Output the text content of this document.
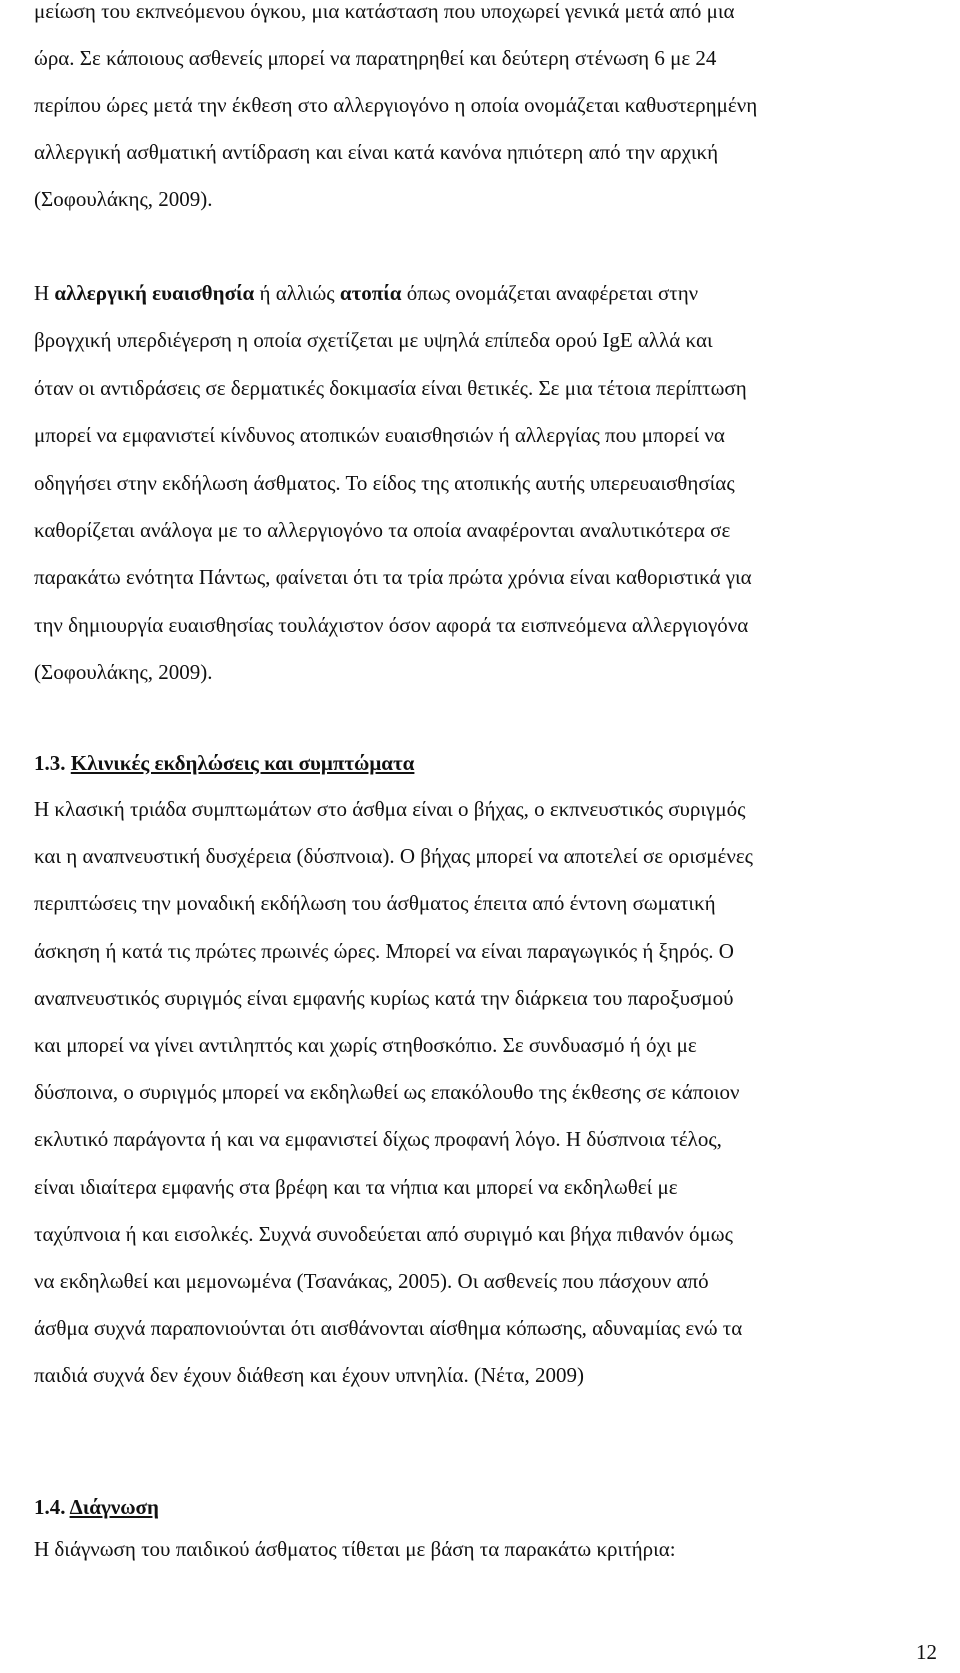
μείωση του εκπνεόμενου όγκου, μια κατάσταση που υποχωρεί γενικά μετά από μια
ώρα. Σε κάποιους ασθενείς μπορεί να παρατηρηθεί και δεύτερη στένωση 6 με 24
περίπου ώρες μετά την έκθεση στο αλλεργιογόνο η οποία ονομάζεται καθυστερημένη
αλλεργική ασθματική αντίδραση και είναι κατά κανόνα ηπιότερη από την αρχική
(Σοφουλάκης, 2009).

Η αλλεργική ευαισθησία ή αλλιώς ατοπία όπως ονομάζεται αναφέρεται στην
βρογχική υπερδιέγερση η οποία σχετίζεται με υψηλά επίπεδα ορού IgE αλλά και
όταν οι αντιδράσεις σε δερματικές δοκιμασία είναι θετικές. Σε μια τέτοια περίπτωση
μπορεί να εμφανιστεί κίνδυνος ατοπικών ευαισθησιών ή αλλεργίας που μπορεί να
οδηγήσει στην εκδήλωση άσθματος. Το είδος της ατοπικής αυτής υπερευαισθησίας
καθορίζεται ανάλογα με το αλλεργιογόνο τα οποία αναφέρονται αναλυτικότερα σε
παρακάτω ενότητα Πάντως, φαίνεται ότι τα τρία πρώτα χρόνια είναι καθοριστικά για
την δημιουργία ευαισθησίας τουλάχιστον όσον αφορά τα εισπνεόμενα αλλεργιογόνα
(Σοφουλάκης, 2009).

1.3. Κλινικές εκδηλώσεις και συμπτώματα

Η κλασική τριάδα συμπτωμάτων στο άσθμα είναι ο βήχας, ο εκπνευστικός συριγμός
και η αναπνευστική δυσχέρεια (δύσπνοια). Ο βήχας μπορεί να αποτελεί σε ορισμένες
περιπτώσεις την μοναδική εκδήλωση του άσθματος έπειτα από έντονη σωματική
άσκηση ή κατά τις πρώτες πρωινές ώρες. Μπορεί να είναι παραγωγικός ή ξηρός. Ο
αναπνευστικός συριγμός είναι εμφανής κυρίως κατά την διάρκεια του παροξυσμού
και μπορεί να γίνει αντιληπτός και χωρίς στηθοσκόπιο. Σε συνδυασμό ή όχι με
δύσποινα, ο συριγμός μπορεί να εκδηλωθεί ως επακόλουθο της έκθεσης σε κάποιον
εκλυτικό παράγοντα ή και να εμφανιστεί δίχως προφανή λόγο. Η δύσπνοια τέλος,
είναι ιδιαίτερα εμφανής στα βρέφη και τα νήπια και μπορεί να εκδηλωθεί με
ταχύπνοια ή και εισολκές. Συχνά συνοδεύεται από συριγμό και βήχα πιθανόν όμως
να εκδηλωθεί και μεμονωμένα (Τσανάκας, 2005). Οι ασθενείς που πάσχουν από
άσθμα συχνά παραπονιούνται ότι αισθάνονται αίσθημα κόπωσης, αδυναμίας ενώ τα
παιδιά συχνά δεν έχουν διάθεση και έχουν υπνηλία. (Νέτα, 2009)

1.4. Διάγνωση

Η διάγνωση του παιδικού άσθματος τίθεται με βάση τα παρακάτω κριτήρια:

12
